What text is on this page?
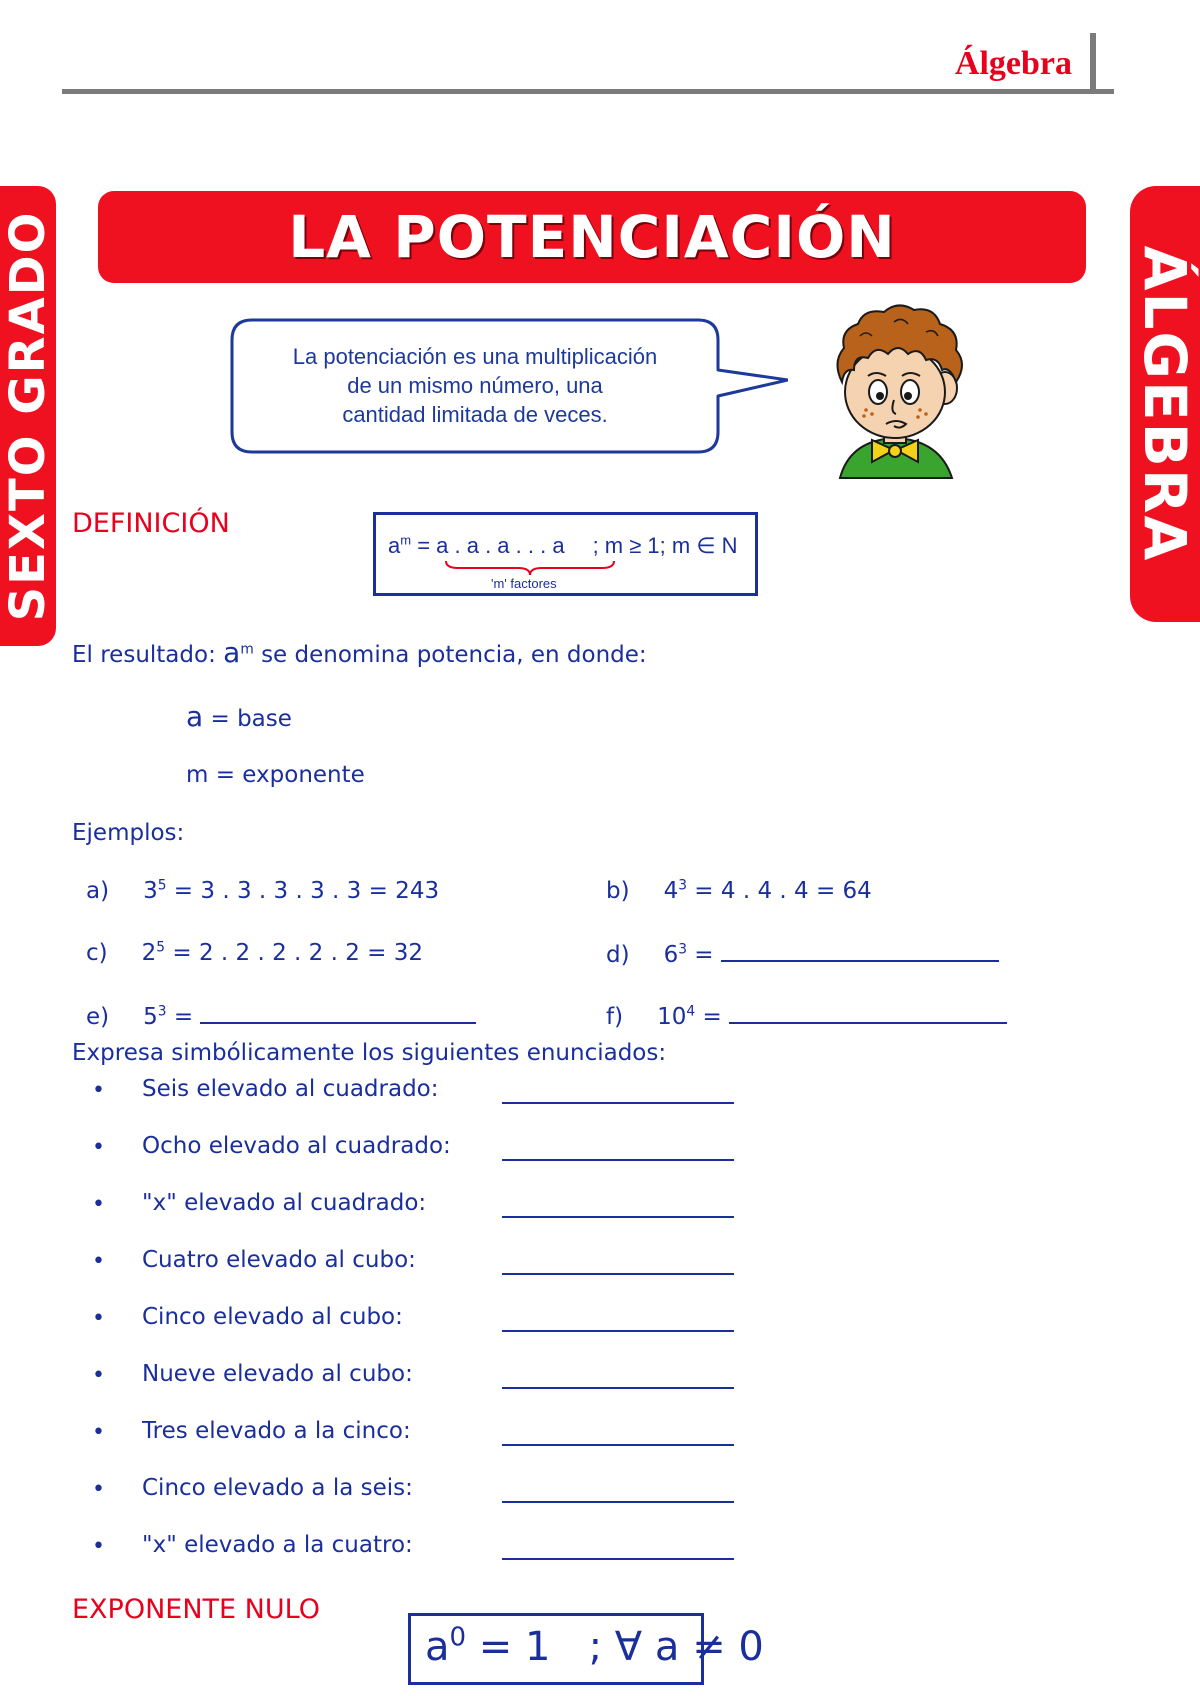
Álgebra
SEXTO GRADO	ÁLGEBRA
LA POTENCIACIÓN
La potenciación es una multiplicación
de un mismo número, una
cantidad limitada de veces.
DEFINICIÓN
$a^m = a$ . a . a . . . a ; m ≥ 1; m ∈ N
'm' factores
El resultado: $a^m$ se denomina potencia, en donde:
a = base
m = exponente
Ejemplos:
a) $3^5 = 3$ . 3 . 3 . 3 . 3 = 243	b) $4^3 = 4$ . 4 . 4 = 64
c) $2^5 = 2$ . 2 . 2 . 2 . 2 = 32	d) $6^3$ =
e) $5^3$ =	f) $10^4$ =
Expresa simbólicamente los siguientes enunciados:
• Seis elevado al cuadrado:
• Ocho elevado al cuadrado:
• "x" elevado al cuadrado:
• Cuatro elevado al cubo:
• Cinco elevado al cubo:
• Nueve elevado al cubo:
• Tres elevado a la cinco:
• Cinco elevado a la seis:
• "x" elevado a la cuatro:
EXPONENTE NULO
$a^0 = 1$   ; ∀ a ≠ 0
